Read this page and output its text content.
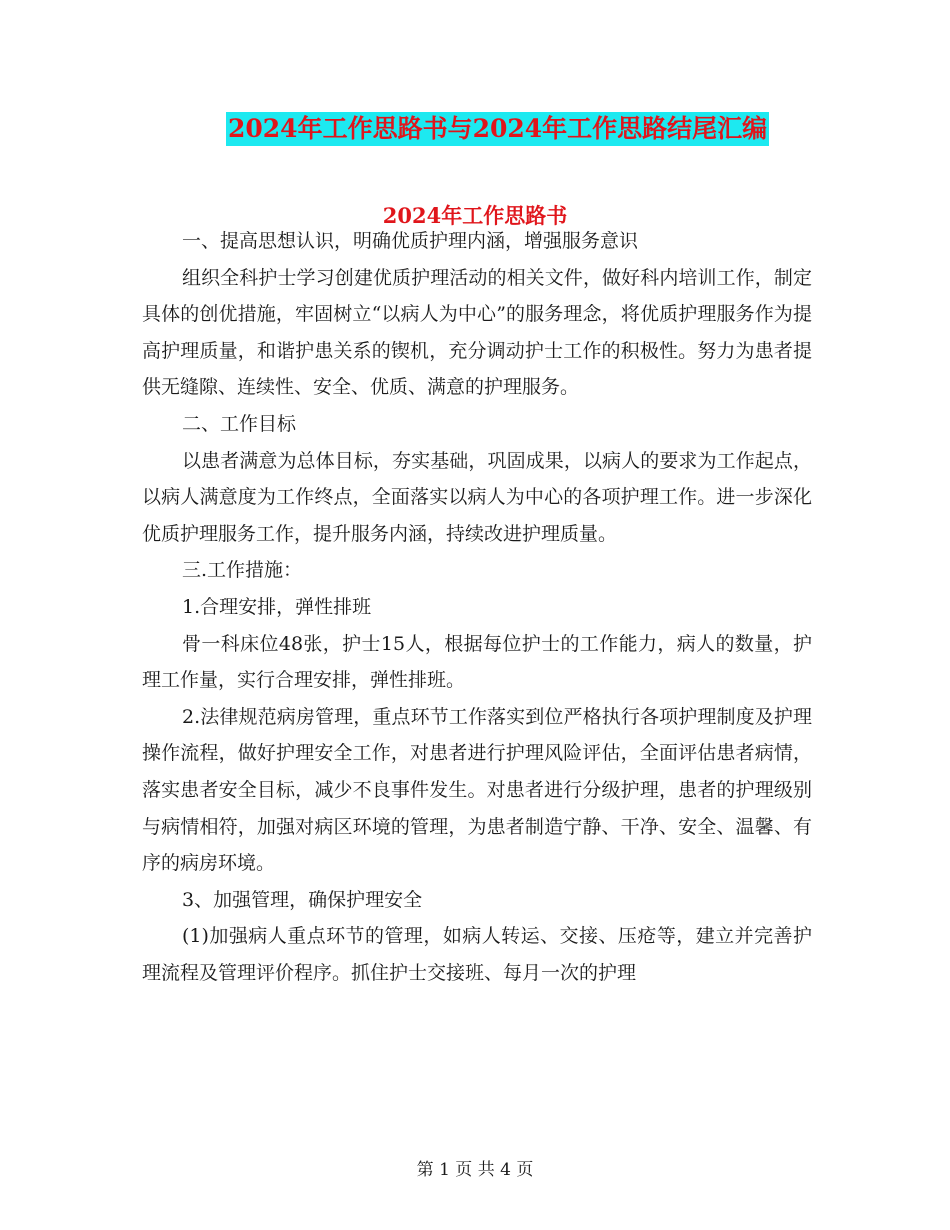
2024年工作思路书与2024年工作思路结尾汇编
2024年工作思路书

一、提高思想认识，明确优质护理内涵，增强服务意识

组织全科护士学习创建优质护理活动的相关文件，做好科内培训工作，制定具体的创优措施，牢固树立“以病人为中心”的服务理念，将优质护理服务作为提高护理质量，和谐护患关系的锲机，充分调动护士工作的积极性。努力为患者提供无缝隙、连续性、安全、优质、满意的护理服务。

二、工作目标

以患者满意为总体目标，夯实基础，巩固成果，以病人的要求为工作起点，以病人满意度为工作终点，全面落实以病人为中心的各项护理工作。进一步深化优质护理服务工作，提升服务内涵，持续改进护理质量。

三.工作措施：

1.合理安排，弹性排班

骨一科床位48张，护士15人，根据每位护士的工作能力，病人的数量，护理工作量，实行合理安排，弹性排班。

2.法律规范病房管理，重点环节工作落实到位严格执行各项护理制度及护理操作流程，做好护理安全工作，对患者进行护理风险评估，全面评估患者病情，落实患者安全目标，减少不良事件发生。对患者进行分级护理，患者的护理级别与病情相符，加强对病区环境的管理，为患者制造宁静、干净、安全、温馨、有序的病房环境。

3、加强管理，确保护理安全

(1)加强病人重点环节的管理，如病人转运、交接、压疮等，建立并完善护理流程及管理评价程序。抓住护士交接班、每月一次的护理

第 1 页 共 4 页
